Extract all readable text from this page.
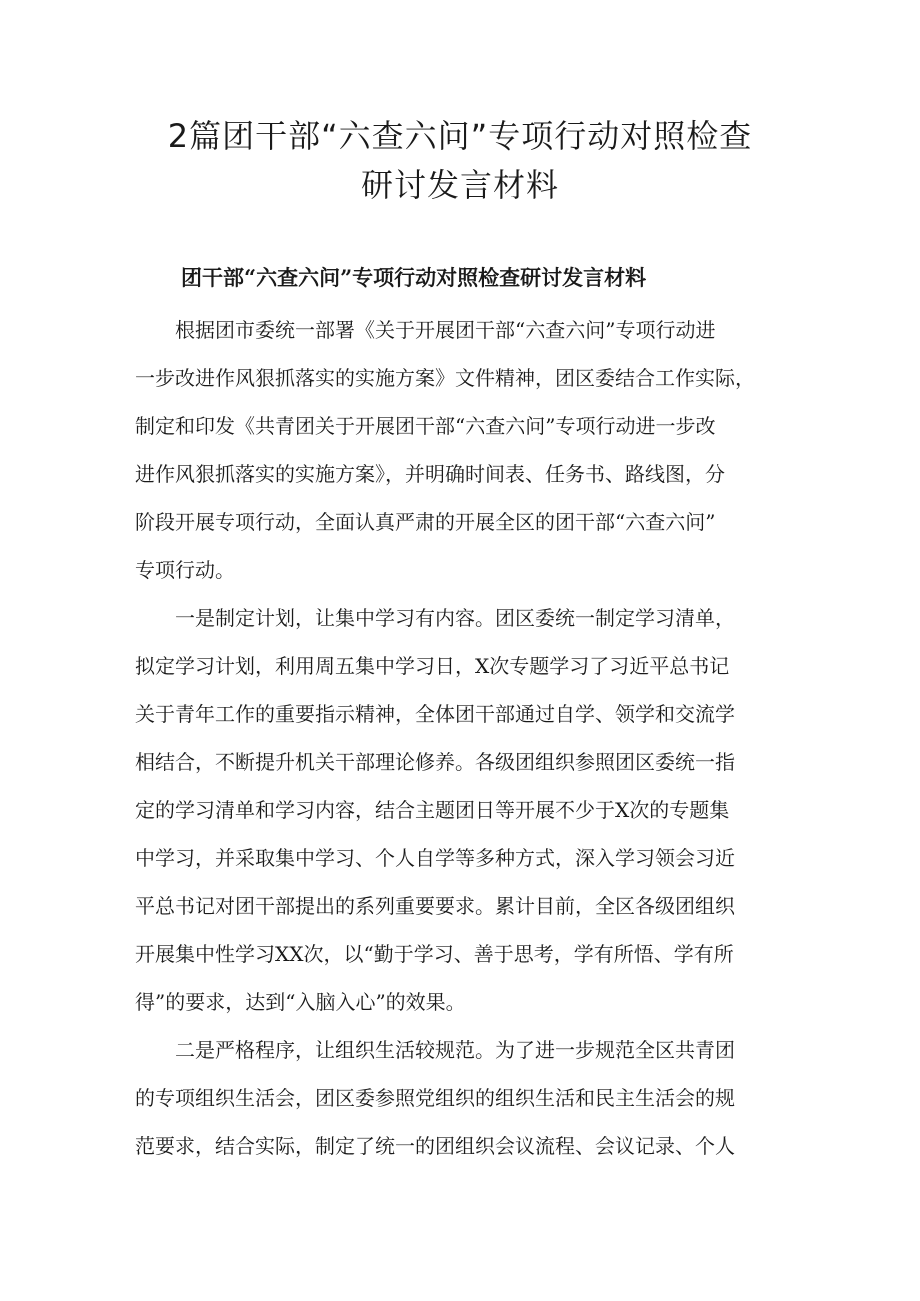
2篇团干部“六查六问”专项行动对照检查
研讨发言材料
团干部“六查六问”专项行动对照检查研讨发言材料

　　根据团市委统一部署《关于开展团干部“六查六问”专项行动进

一步改进作风狠抓落实的实施方案》文件精神，团区委结合工作实际，

制定和印发《共青团关于开展团干部“六查六问”专项行动进一步改

进作风狠抓落实的实施方案》，并明确时间表、任务书、路线图，分

阶段开展专项行动，全面认真严肃的开展全区的团干部“六查六问”

专项行动。

　　一是制定计划，让集中学习有内容。团区委统一制定学习清单，

拟定学习计划，利用周五集中学习日，X次专题学习了习近平总书记

关于青年工作的重要指示精神，全体团干部通过自学、领学和交流学

相结合，不断提升机关干部理论修养。各级团组织参照团区委统一指

定的学习清单和学习内容，结合主题团日等开展不少于X次的专题集

中学习，并采取集中学习、个人自学等多种方式，深入学习领会习近

平总书记对团干部提出的系列重要要求。累计目前，全区各级团组织

开展集中性学习XX次，以“勤于学习、善于思考，学有所悟、学有所

得”的要求，达到“入脑入心”的效果。

　　二是严格程序，让组织生活较规范。为了进一步规范全区共青团

的专项组织生活会，团区委参照党组织的组织生活和民主生活会的规

范要求，结合实际，制定了统一的团组织会议流程、会议记录、个人
